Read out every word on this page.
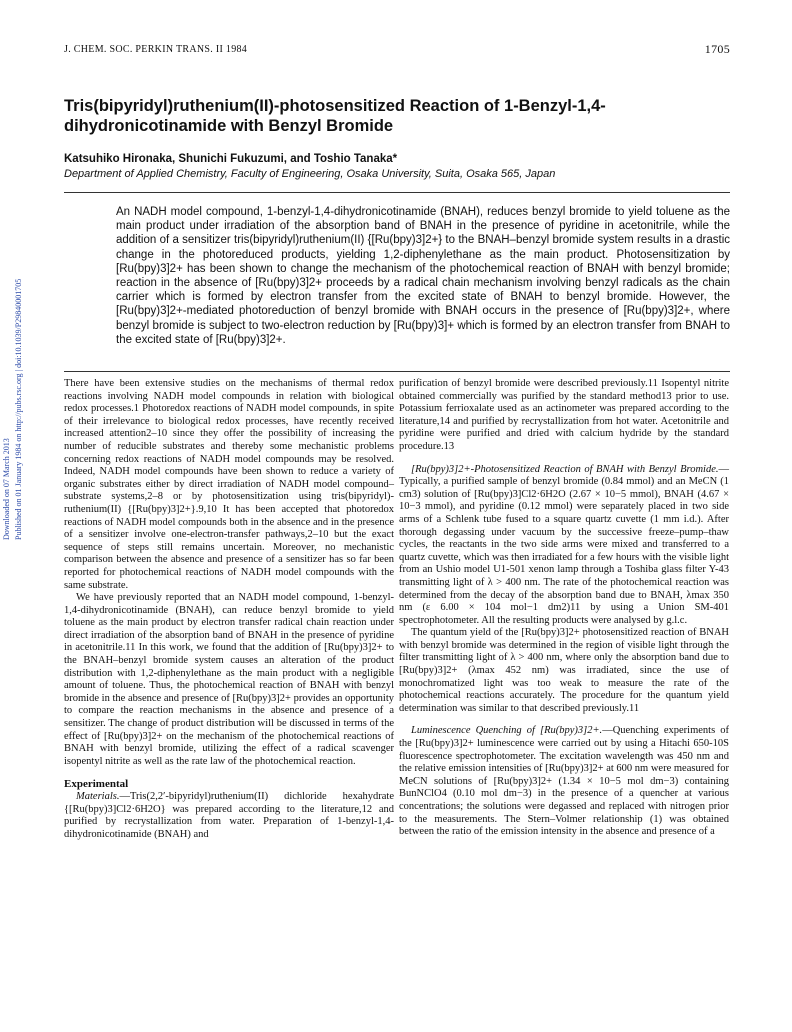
J. CHEM. SOC. PERKIN TRANS. II 1984	1705
Downloaded on 07 March 2013 Published on 01 January 1984 on http://pubs.rsc.org | doi:10.1039/P29840001705
Tris(bipyridyl)ruthenium(II)-photosensitized Reaction of 1-Benzyl-1,4-dihydronicotinamide with Benzyl Bromide
Katsuhiko Hironaka, Shunichi Fukuzumi, and Toshio Tanaka*
Department of Applied Chemistry, Faculty of Engineering, Osaka University, Suita, Osaka 565, Japan
An NADH model compound, 1-benzyl-1,4-dihydronicotinamide (BNAH), reduces benzyl bromide to yield toluene as the main product under irradiation of the absorption band of BNAH in the presence of pyridine in acetonitrile, while the addition of a sensitizer tris(bipyridyl)ruthenium(II) {[Ru(bpy)3]2+} to the BNAH–benzyl bromide system results in a drastic change in the photoreduced products, yielding 1,2-diphenylethane as the main product. Photosensitization by [Ru(bpy)3]2+ has been shown to change the mechanism of the photochemical reaction of BNAH with benzyl bromide; reaction in the absence of [Ru(bpy)3]2+ proceeds by a radical chain mechanism involving benzyl radicals as the chain carrier which is formed by electron transfer from the excited state of BNAH to benzyl bromide. However, the [Ru(bpy)3]2+-mediated photoreduction of benzyl bromide with BNAH occurs in the presence of [Ru(bpy)3]2+, where benzyl bromide is subject to two-electron reduction by [Ru(bpy)3]+ which is formed by an electron transfer from BNAH to the excited state of [Ru(bpy)3]2+.

There have been extensive studies on the mechanisms of thermal redox reactions involving NADH model compounds in relation with biological redox processes.1 Photoredox reactions of NADH model compounds, in spite of their irrelevance to biological redox processes, have recently received increased attention2–10 since they offer the possibility of increasing the number of reducible substrates and thereby some mechanistic problems concerning redox reactions of NADH model compounds may be resolved. Indeed, NADH model compounds have been shown to reduce a variety of organic substrates either by direct irradiation of NADH model compound–substrate systems,2–8 or by photosensitization using tris(bipyridyl)-ruthenium(II) {[Ru(bpy)3]2+}.9,10 It has been accepted that photoredox reactions of NADH model compounds both in the absence and in the presence of a sensitizer involve one-electron-transfer pathways,2–10 but the exact sequence of steps still remains uncertain. Moreover, no mechanistic comparison between the absence and presence of a sensitizer has so far been reported for photochemical reactions of NADH model compounds with the same substrate.

We have previously reported that an NADH model compound, 1-benzyl-1,4-dihydronicotinamide (BNAH), can reduce benzyl bromide to yield toluene as the main product by electron transfer radical chain reaction under direct irradiation of the absorption band of BNAH in the presence of pyridine in acetonitrile.11 In this work, we found that the addition of [Ru(bpy)3]2+ to the BNAH–benzyl bromide system causes an alteration of the product distribution with 1,2-diphenylethane as the main product with a negligible amount of toluene. Thus, the photochemical reaction of BNAH with benzyl bromide in the absence and presence of [Ru(bpy)3]2+ provides an opportunity to compare the reaction mechanisms in the absence and presence of a sensitizer. The change of product distribution will be discussed in terms of the effect of [Ru(bpy)3]2+ on the mechanism of the photochemical reactions of BNAH with benzyl bromide, utilizing the effect of a radical scavenger isopentyl nitrite as well as the rate law of the photochemical reaction.

Experimental

Materials.—Tris(2,2′-bipyridyl)ruthenium(II) dichloride hexahydrate {[Ru(bpy)3]Cl2·6H2O} was prepared according to the literature,12 and purified by recrystallization from water. Preparation of 1-benzyl-1,4-dihydronicotinamide (BNAH) and

purification of benzyl bromide were described previously.11 Isopentyl nitrite obtained commercially was purified by the standard method13 prior to use. Potassium ferrioxalate used as an actinometer was prepared according to the literature,14 and purified by recrystallization from hot water. Acetonitrile and pyridine were purified and dried with calcium hydride by the standard procedure.13

[Ru(bpy)3]2+-Photosensitized Reaction of BNAH with Benzyl Bromide.—Typically, a purified sample of benzyl bromide (0.84 mmol) and an MeCN (1 cm3) solution of [Ru(bpy)3]Cl2·6H2O (2.67 × 10−5 mmol), BNAH (4.67 × 10−3 mmol), and pyridine (0.12 mmol) were separately placed in two side arms of a Schlenk tube fused to a square quartz cuvette (1 mm i.d.). After thorough degassing under vacuum by the successive freeze–pump–thaw cycles, the reactants in the two side arms were mixed and transferred to a quartz cuvette, which was then irradiated for a few hours with the visible light from an Ushio model U1-501 xenon lamp through a Toshiba glass filter Y-43 transmitting light of λ > 400 nm. The rate of the photochemical reaction was determined from the decay of the absorption band due to BNAH, λmax 350 nm (ε 6.00 × 104 mol−1 dm2)11 by using a Union SM-401 spectrophotometer. All the resulting products were analysed by g.l.c.

The quantum yield of the [Ru(bpy)3]2+ photosensitized reaction of BNAH with benzyl bromide was determined in the region of visible light through the filter transmitting light of λ > 400 nm, where only the absorption band due to [Ru(bpy)3]2+ (λmax 452 nm) was irradiated, since the use of monochromatized light was too weak to measure the rate of the photochemical reactions accurately. The procedure for the quantum yield determination was similar to that described previously.11

Luminescence Quenching of [Ru(bpy)3]2+.—Quenching experiments of the [Ru(bpy)3]2+ luminescence were carried out by using a Hitachi 650-10S fluorescence spectrophotometer. The excitation wavelength was 450 nm and the relative emission intensities of [Ru(bpy)3]2+ at 600 nm were measured for MeCN solutions of [Ru(bpy)3]2+ (1.34 × 10−5 mol dm−3) containing BunNClO4 (0.10 mol dm−3) in the presence of a quencher at various concentrations; the solutions were degassed and replaced with nitrogen prior to the measurements. The Stern–Volmer relationship (1) was obtained between the ratio of the emission intensity in the absence and presence of a
